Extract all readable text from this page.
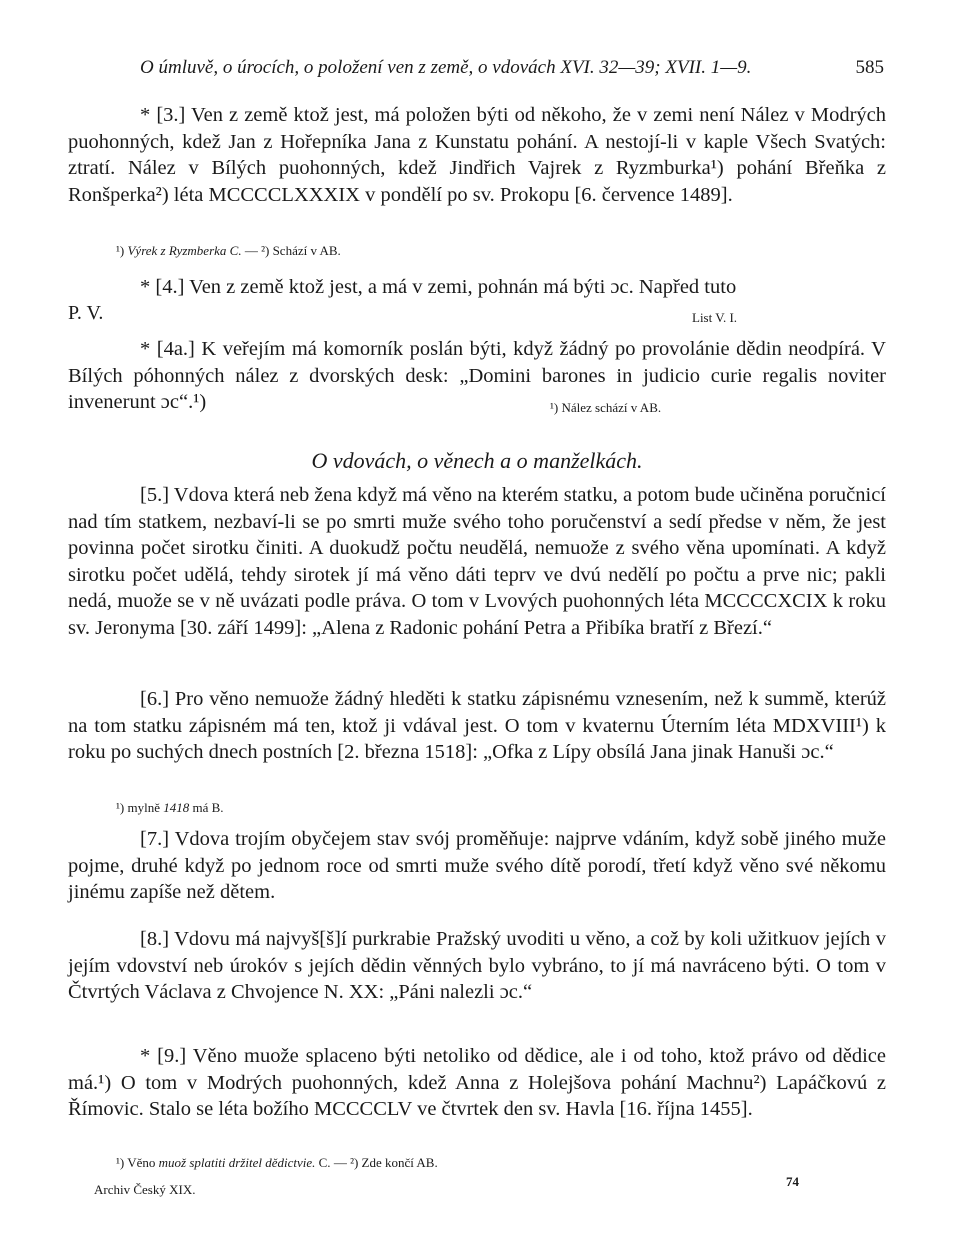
O úmluvě, o úrocích, o položení ven z země, o vdovách XVI. 32—39; XVII. 1—9.	585

* [3.] Ven z země ktož jest, má položen býti od někoho, že v zemi není Nález v Modrých puohonných, kdež Jan z Hořepníka Jana z Kunstatu pohání. A nestojí-li v kaple Všech Svatých: ztratí. Nález v Bílých puohonných, kdež Jindřich Vajrek z Ryzmburka¹) pohání Břeňka z Ronšperka²) léta MCCCCLXXXIX v pondělí po sv. Prokopu [6. července 1489].

¹) Výrek z Ryzmberka C. — ²) Schází v AB.

* [4.] Ven z země ktož jest, a má v zemi, pohnán má býti ɔc. Napřed tuto

P. V.	List V. I.

* [4a.] K veřejím má komorník poslán býti, když žádný po provolánie dědin neodpírá. V Bílých póhonných nález z dvorských desk: „Domini barones in judicio curie regalis noviter invenerunt ɔc“.¹)	¹) Nález schází v AB.

O vdovách, o věnech a o manželkách.

[5.] Vdova která neb žena když má věno na kterém statku, a potom bude učiněna poručnicí nad tím statkem, nezbaví-li se po smrti muže svého toho poručenství a sedí předse v něm, že jest povinna počet sirotku činiti. A duokudž počtu neudělá, nemuože z svého věna upomínati. A když sirotku počet udělá, tehdy sirotek jí má věno dáti teprv ve dvú nedělí po počtu a prve nic; pakli nedá, muože se v ně uvázati podle práva. O tom v Lvových puohonných léta MCCCCXCIX k roku sv. Jeronyma [30. září 1499]: „Alena z Radonic pohání Petra a Přibíka bratří z Březí.“

[6.] Pro věno nemuože žádný hleděti k statku zápisnému vznesením, než k summě, kterúž na tom statku zápisném má ten, ktož ji vdával jest. O tom v kvaternu Úterním léta MDXVIII¹) k roku po suchých dnech postních [2. března 1518]: „Ofka z Lípy obsílá Jana jinak Hanuši ɔc.“

¹) mylně 1418 má B.

[7.] Vdova trojím obyčejem stav svój proměňuje: najprve vdáním, když sobě jiného muže pojme, druhé když po jednom roce od smrti muže svého dítě porodí, třetí když věno své někomu jinému zapíše než dětem.

[8.] Vdovu má najvyš[š]í purkrabie Pražský uvoditi u věno, a což by koli užitkuov jejích v jejím vdovství neb úrokóv s jejích dědin věnných bylo vybráno, to jí má navráceno býti. O tom v Čtvrtých Václava z Chvojence N. XX: „Páni nalezli ɔc.“

* [9.] Věno muože splaceno býti netoliko od dědice, ale i od toho, ktož právo od dědice má.¹) O tom v Modrých puohonných, kdež Anna z Holejšova pohání Machnu²) Lapáčkovú z Římovic. Stalo se léta božího MCCCCLV ve čtvrtek den sv. Havla [16. října 1455].

¹) Věno muož splatiti držitel dědictvie. C. — ²) Zde končí AB.

Archiv Český XIX.

74
